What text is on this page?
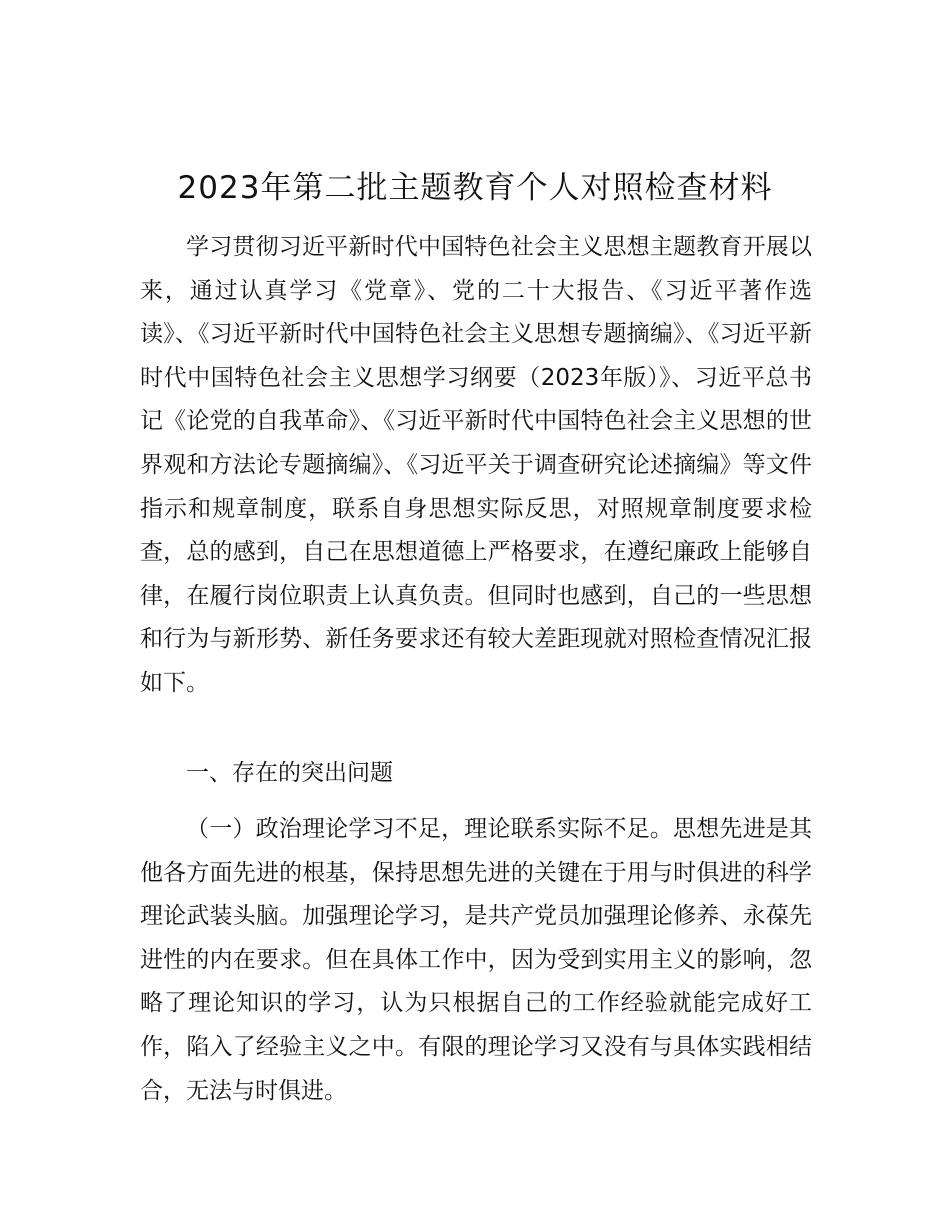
2023年第二批主题教育个人对照检查材料

学习贯彻习近平新时代中国特色社会主义思想主题教育开展以来，通过认真学习《党章》、党的二十大报告、《习近平著作选读》、《习近平新时代中国特色社会主义思想专题摘编》、《习近平新时代中国特色社会主义思想学习纲要（2023年版）》、习近平总书记《论党的自我革命》、《习近平新时代中国特色社会主义思想的世界观和方法论专题摘编》、《习近平关于调查研究论述摘编》等文件指示和规章制度，联系自身思想实际反思，对照规章制度要求检查，总的感到，自己在思想道德上严格要求，在遵纪廉政上能够自律，在履行岗位职责上认真负责。但同时也感到，自己的一些思想和行为与新形势、新任务要求还有较大差距现就对照检查情况汇报如下。

一、存在的突出问题

（一）政治理论学习不足，理论联系实际不足。思想先进是其他各方面先进的根基，保持思想先进的关键在于用与时俱进的科学理论武装头脑。加强理论学习，是共产党员加强理论修养、永葆先进性的内在要求。但在具体工作中，因为受到实用主义的影响，忽略了理论知识的学习，认为只根据自己的工作经验就能完成好工作，陷入了经验主义之中。有限的理论学习又没有与具体实践相结合，无法与时俱进。
